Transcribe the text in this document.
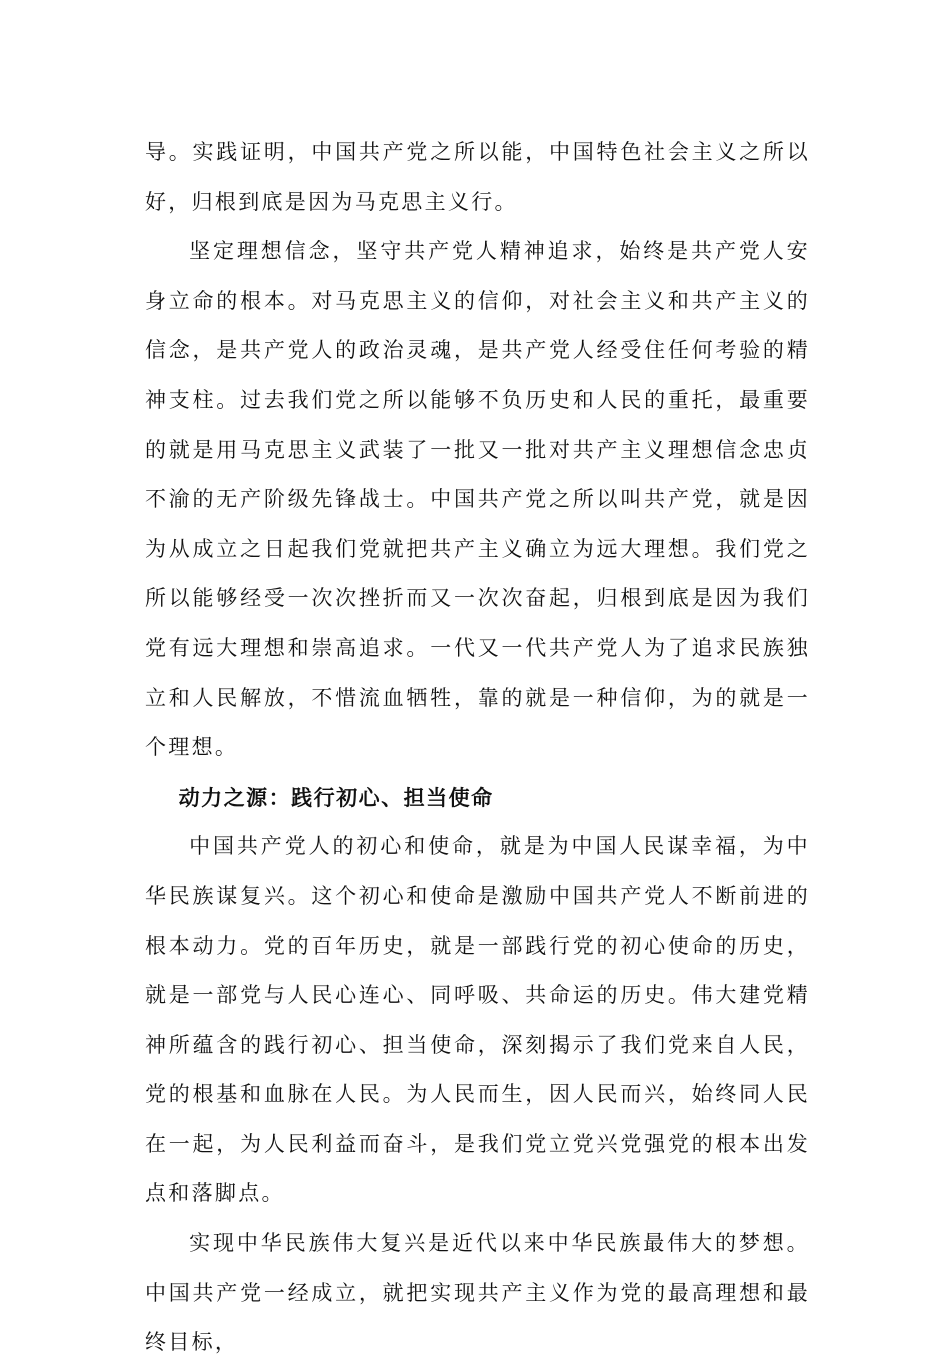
导。实践证明，中国共产党之所以能，中国特色社会主义之所以好，归根到底是因为马克思主义行。

坚定理想信念，坚守共产党人精神追求，始终是共产党人安身立命的根本。对马克思主义的信仰，对社会主义和共产主义的信念，是共产党人的政治灵魂，是共产党人经受住任何考验的精神支柱。过去我们党之所以能够不负历史和人民的重托，最重要的就是用马克思主义武装了一批又一批对共产主义理想信念忠贞不渝的无产阶级先锋战士。中国共产党之所以叫共产党，就是因为从成立之日起我们党就把共产主义确立为远大理想。我们党之所以能够经受一次次挫折而又一次次奋起，归根到底是因为我们党有远大理想和崇高追求。一代又一代共产党人为了追求民族独立和人民解放，不惜流血牺牲，靠的就是一种信仰，为的就是一个理想。

动力之源：践行初心、担当使命

中国共产党人的初心和使命，就是为中国人民谋幸福，为中华民族谋复兴。这个初心和使命是激励中国共产党人不断前进的根本动力。党的百年历史，就是一部践行党的初心使命的历史，就是一部党与人民心连心、同呼吸、共命运的历史。伟大建党精神所蕴含的践行初心、担当使命，深刻揭示了我们党来自人民，党的根基和血脉在人民。为人民而生，因人民而兴，始终同人民在一起，为人民利益而奋斗，是我们党立党兴党强党的根本出发点和落脚点。

实现中华民族伟大复兴是近代以来中华民族最伟大的梦想。中国共产党一经成立，就把实现共产主义作为党的最高理想和最终目标，
